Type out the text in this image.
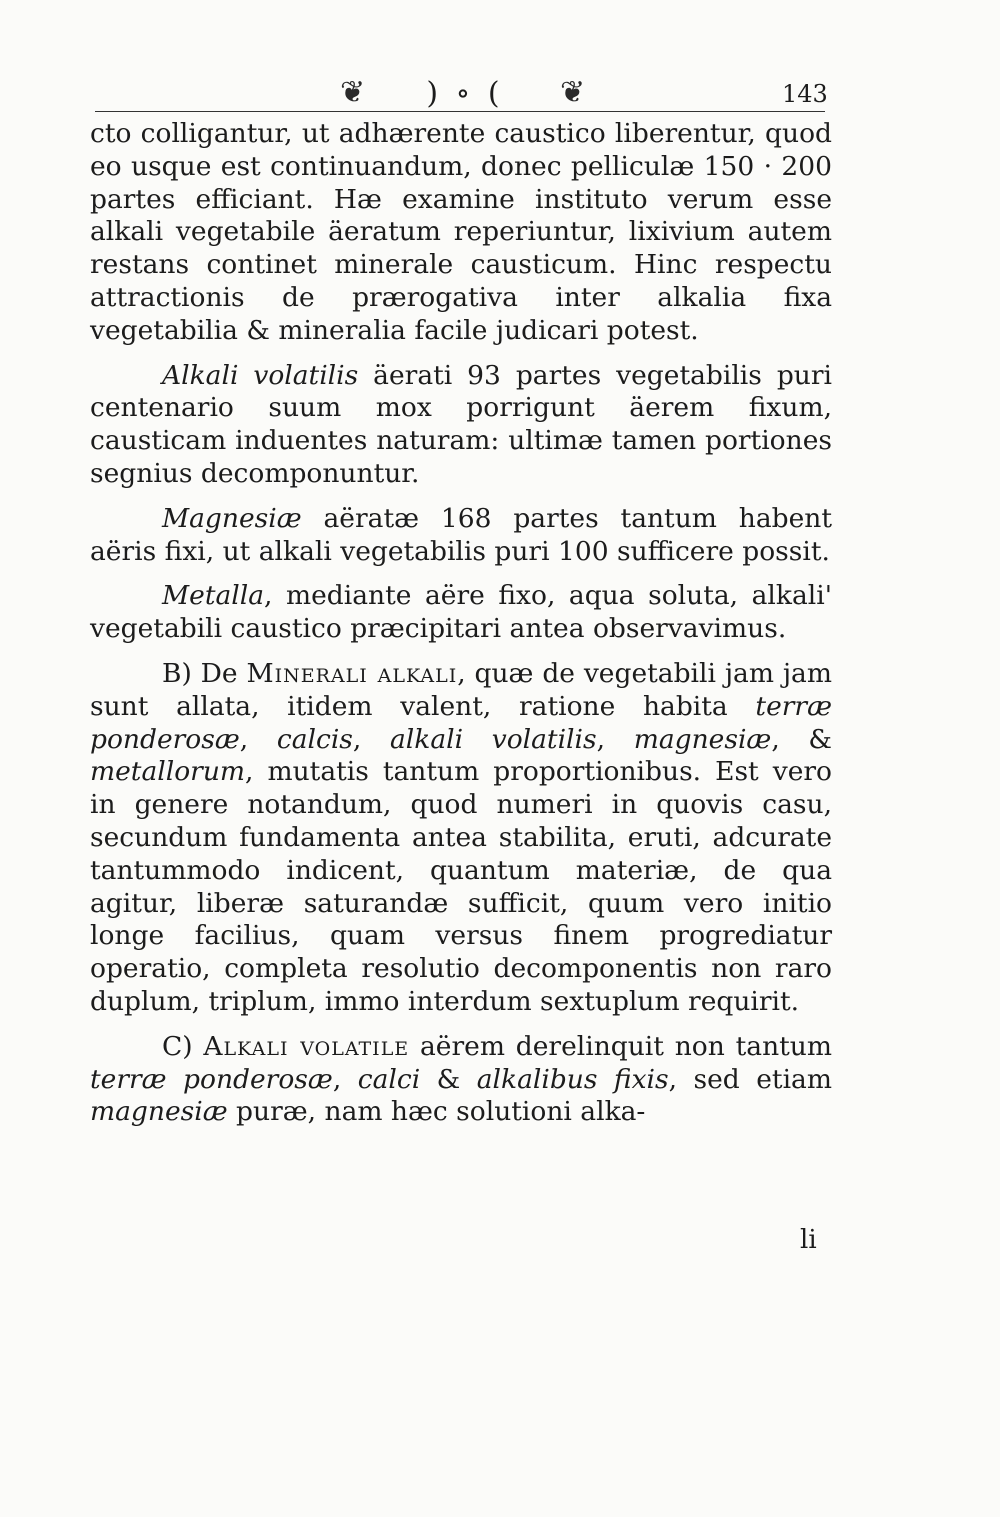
❦	) ∘ (	❦	143

cto colligantur, ut adhærente caustico liberentur, quod eo usque est continuandum, donec pelliculæ 150 · 200 partes efficiant. Hæ examine instituto verum esse alkali vegetabile äeratum reperiuntur, lixivium autem restans continet minerale causticum. Hinc respectu attractionis de prærogativa inter alkalia fixa vegetabilia & mineralia facile judicari potest.

Alkali volatilis äerati 93 partes vegetabilis puri centenario suum mox porrigunt äerem fixum, causticam induentes naturam: ultimæ tamen portiones segnius decomponuntur.

Magnesiæ aëratæ 168 partes tantum habent aëris fixi, ut alkali vegetabilis puri 100 sufficere possit.

Metalla, mediante aëre fixo, aqua soluta, alkali' vegetabili caustico præcipitari antea observavimus.

B) De Minerali alkali, quæ de vegetabili jam jam sunt allata, itidem valent, ratione habita terræ ponderosæ, calcis, alkali volatilis, magnesiæ, & metallorum, mutatis tantum proportionibus. Est vero in genere notandum, quod numeri in quovis casu, secundum fundamenta antea stabilita, eruti, adcurate tantummodo indicent, quantum materiæ, de qua agitur, liberæ saturandæ sufficit, quum vero initio longe facilius, quam versus finem progrediatur operatio, completa resolutio decomponentis non raro duplum, triplum, immo interdum sextuplum requirit.

C) Alkali volatile aërem derelinquit non tantum terræ ponderosæ, calci & alkalibus fixis, sed etiam magnesiæ puræ, nam hæc solutioni alka-

li
